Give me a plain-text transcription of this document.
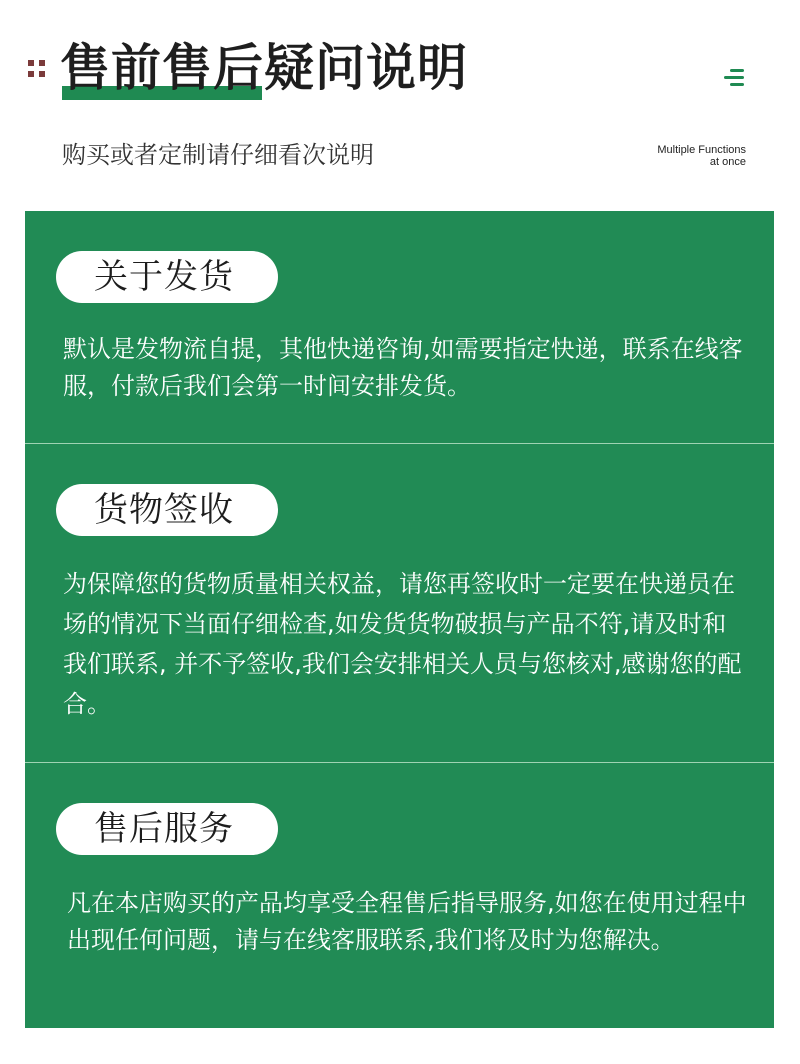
售前售后疑问说明
购买或者定制请仔细看次说明	Multiple Functions
at once
关于发货
货物签收
售后服务
默认是发物流自提，其他快递咨询,如需要指定快递，联系在线客服，付款后我们会第一时间安排发货。
为保障您的货物质量相关权益，请您再签收时一定要在快递员在场的情况下当面仔细检查,如发货货物破损与产品不符,请及时和我们联系, 并不予签收,我们会安排相关人员与您核对,感谢您的配合。
凡在本店购买的产品均享受全程售后指导服务,如您在使用过程中出现任何问题，请与在线客服联系,我们将及时为您解决。
